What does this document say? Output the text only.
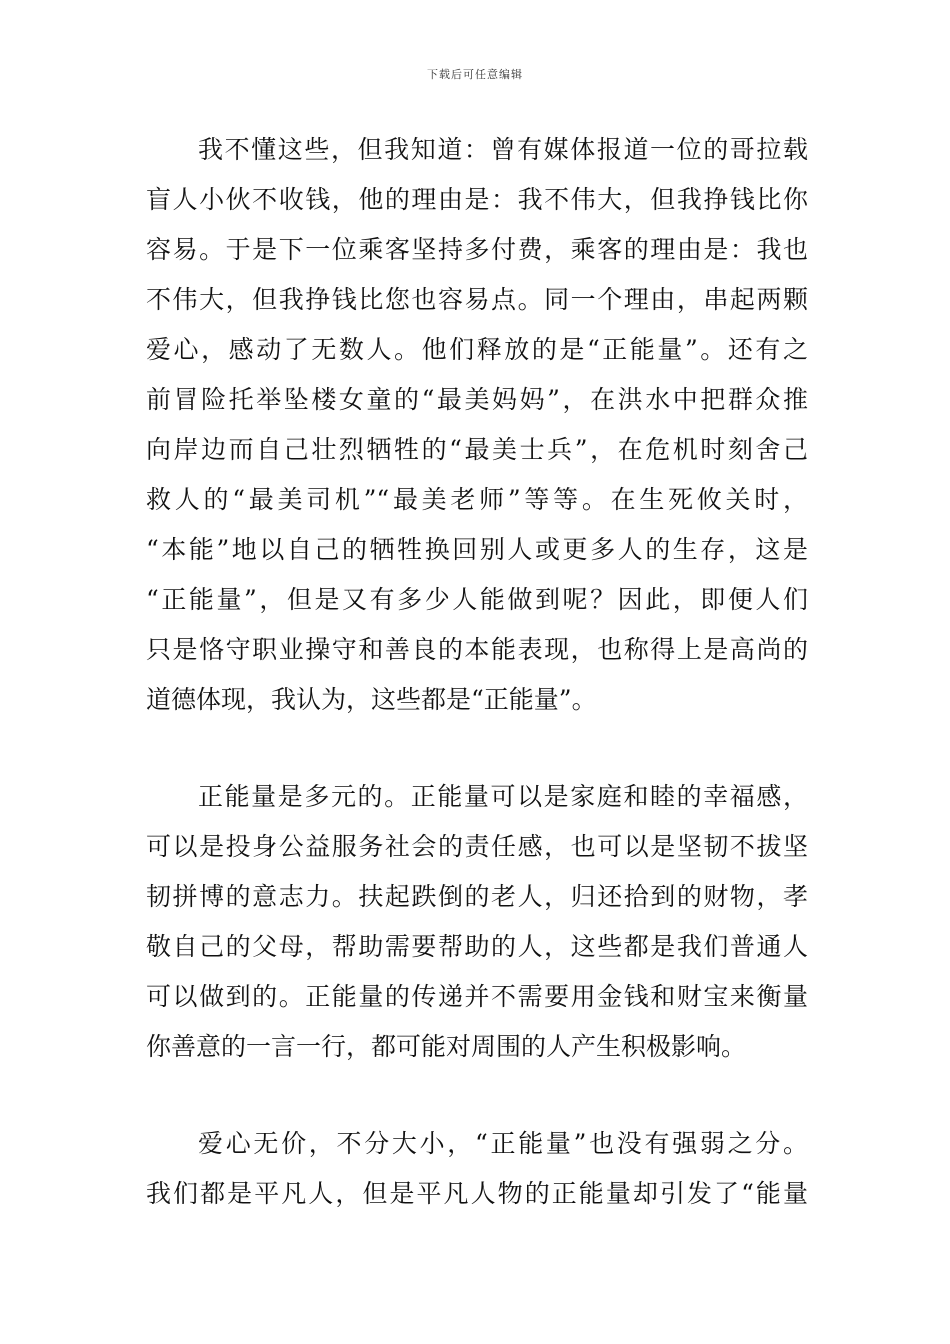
下载后可任意编辑
我不懂这些，但我知道：曾有媒体报道一位的哥拉载
盲人小伙不收钱，他的理由是：我不伟大，但我挣钱比你
容易。于是下一位乘客坚持多付费，乘客的理由是：我也
不伟大，但我挣钱比您也容易点。同一个理由，串起两颗
爱心，感动了无数人。他们释放的是“正能量”。还有之
前冒险托举坠楼女童的“最美妈妈”，在洪水中把群众推
向岸边而自己壮烈牺牲的“最美士兵”，在危机时刻舍己
救人的“最美司机”“最美老师”等等。在生死攸关时，
“本能”地以自己的牺牲换回别人或更多人的生存，这是
“正能量”，但是又有多少人能做到呢？因此，即便人们
只是恪守职业操守和善良的本能表现，也称得上是高尚的
道德体现，我认为，这些都是“正能量”。
正能量是多元的。正能量可以是家庭和睦的幸福感，
可以是投身公益服务社会的责任感，也可以是坚韧不拔坚
韧拼博的意志力。扶起跌倒的老人，归还拾到的财物，孝
敬自己的父母，帮助需要帮助的人，这些都是我们普通人
可以做到的。正能量的传递并不需要用金钱和财宝来衡量
你善意的一言一行，都可能对周围的人产生积极影响。
爱心无价，不分大小，“正能量”也没有强弱之分。
我们都是平凡人，但是平凡人物的正能量却引发了“能量
